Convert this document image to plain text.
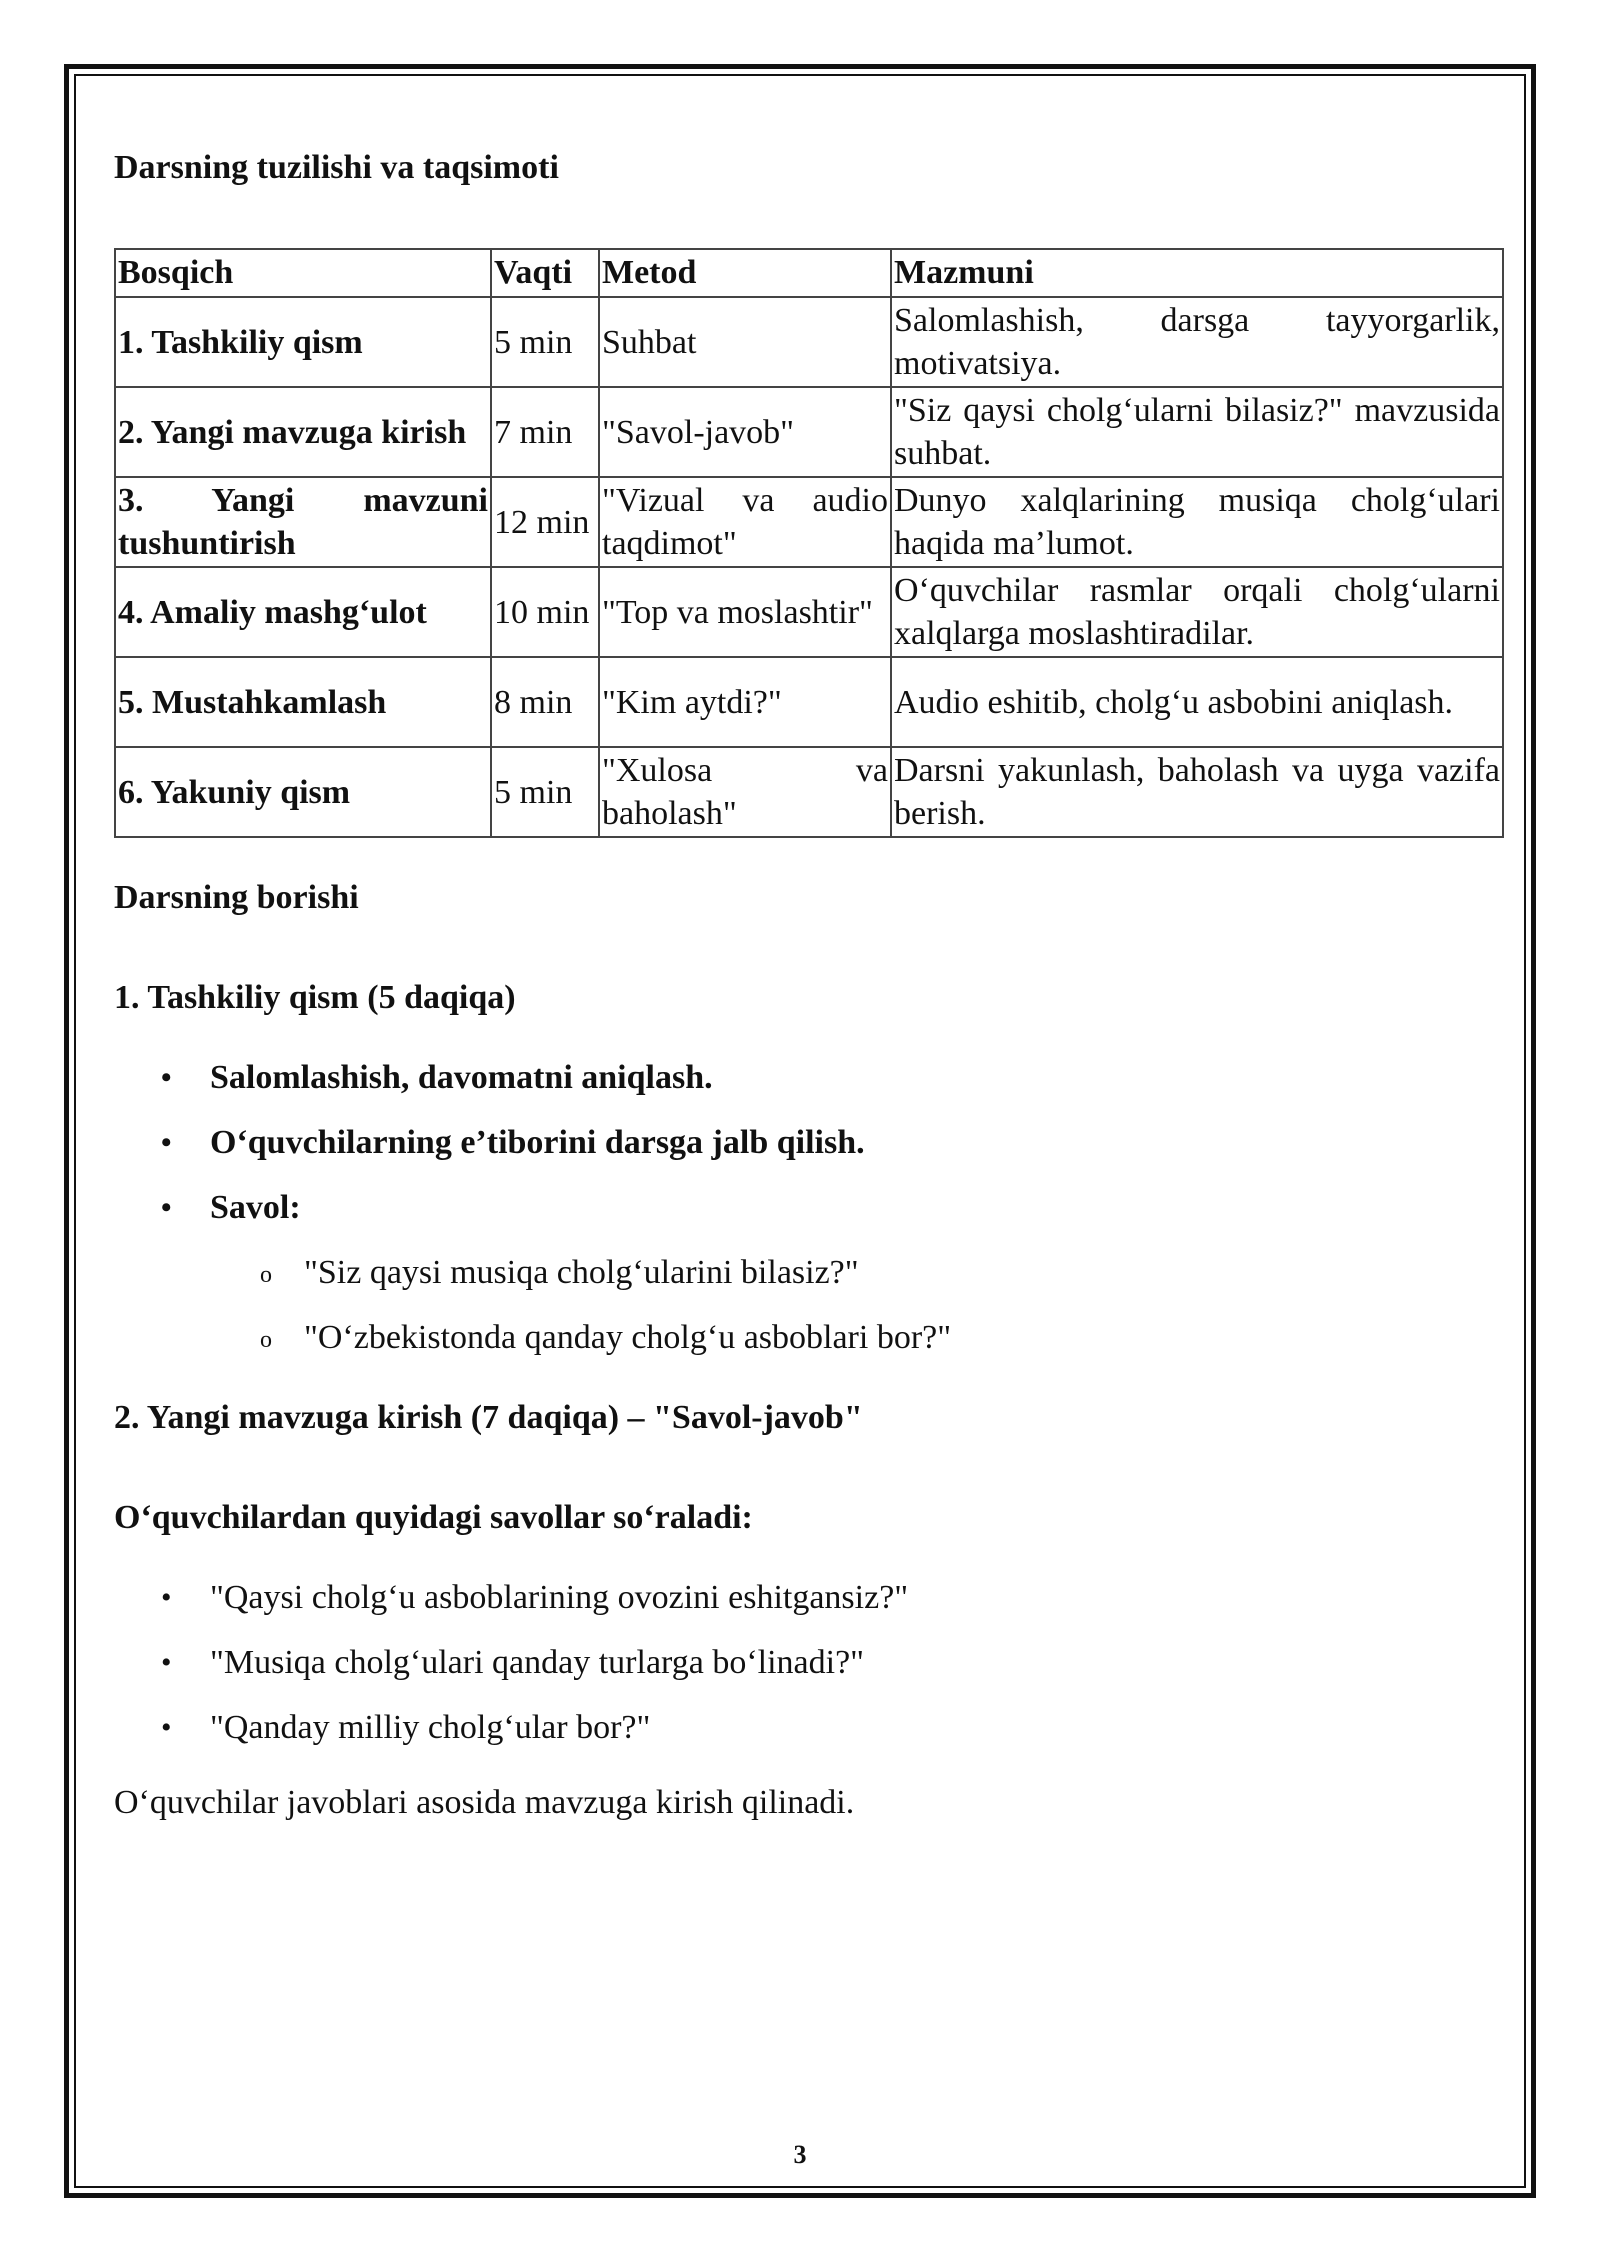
Darsning tuzilishi va taqsimoti
Bosqich	Vaqti	Metod	Mazmuni
1. Tashkiliy qism	5 min	Suhbat	Salomlashish, darsga tayyorgarlik, motivatsiya.
2. Yangi mavzuga kirish	7 min	"Savol-javob"	"Siz qaysi cholg‘ularni bilasiz?" mavzusida suhbat.
3. Yangi mavzuni tushuntirish	12 min	"Vizual va audio taqdimot"	Dunyo xalqlarining musiqa cholg‘ulari haqida ma’lumot.
4. Amaliy mashg‘ulot	10 min	"Top va moslashtir"	O‘quvchilar rasmlar orqali cholg‘ularni xalqlarga moslashtiradilar.
5. Mustahkamlash	8 min	"Kim aytdi?"	Audio eshitib, cholg‘u asbobini aniqlash.
6. Yakuniy qism	5 min	"Xulosa va baholash"	Darsni yakunlash, baholash va uyga vazifa berish.
Darsning borishi
1. Tashkiliy qism (5 daqiqa)
• Salomlashish, davomatni aniqlash.
• O‘quvchilarning e’tiborini darsga jalb qilish.
• Savol:
o "Siz qaysi musiqa cholg‘ularini bilasiz?"
o "O‘zbekistonda qanday cholg‘u asboblari bor?"
2. Yangi mavzuga kirish (7 daqiqa) – "Savol-javob"
O‘quvchilardan quyidagi savollar so‘raladi:
• "Qaysi cholg‘u asboblarining ovozini eshitgansiz?"
• "Musiqa cholg‘ulari qanday turlarga bo‘linadi?"
• "Qanday milliy cholg‘ular bor?"

O‘quvchilar javoblari asosida mavzuga kirish qilinadi.

3
